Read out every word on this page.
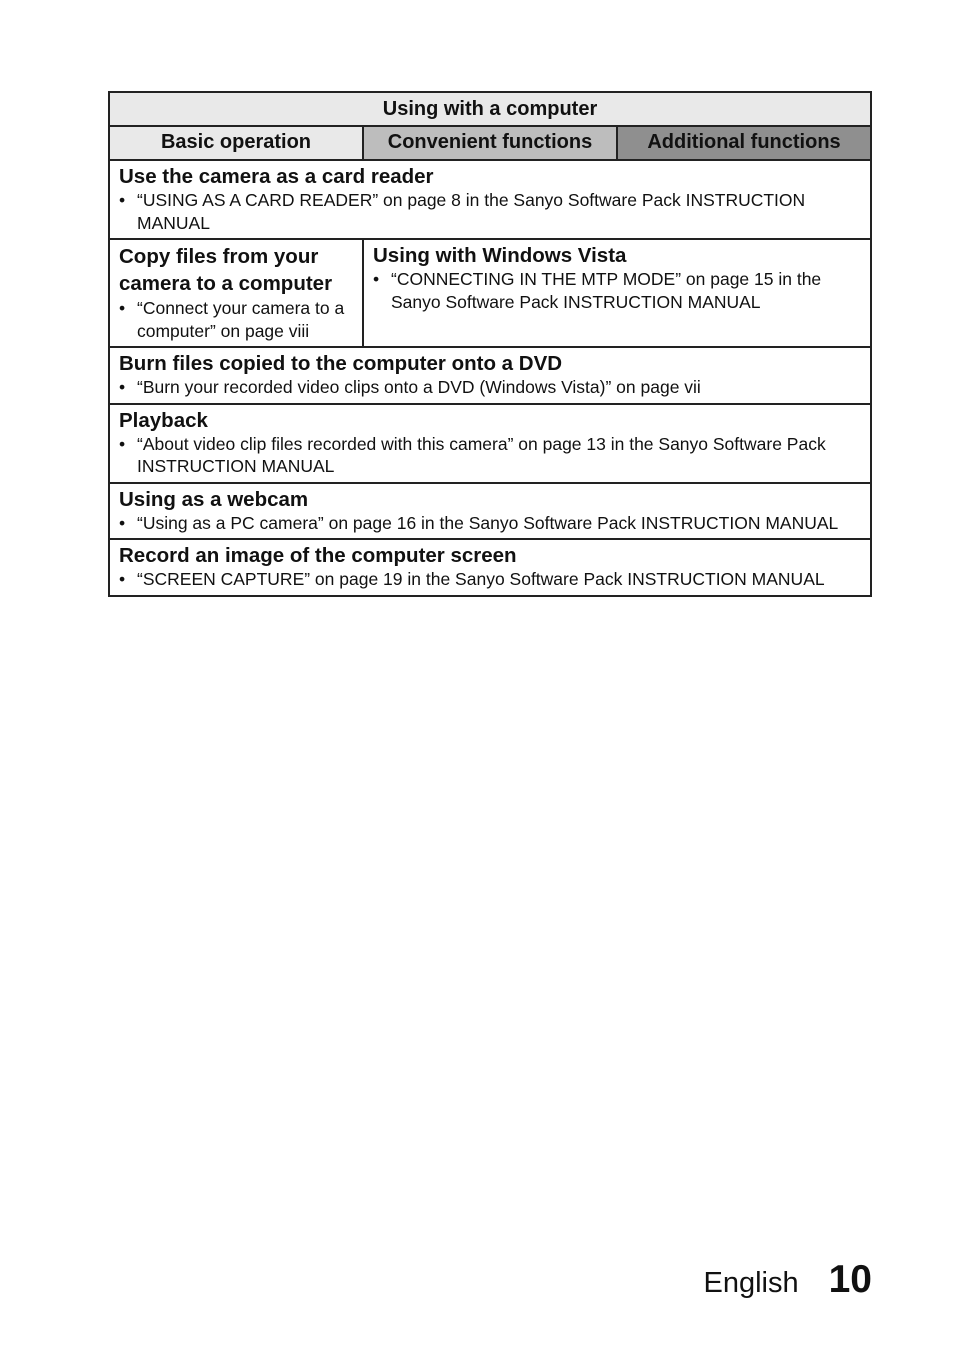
Using with a computer
Basic operation	Convenient functions	Additional functions
Use the camera as a card reader
• “USING AS A CARD READER” on page 8 in the Sanyo Software Pack INSTRUCTION MANUAL
Copy files from your camera to a computer
• “Connect your camera to a computer” on page viii
Using with Windows Vista
• “CONNECTING IN THE MTP MODE” on page 15 in the Sanyo Software Pack INSTRUCTION MANUAL
Burn files copied to the computer onto a DVD
• “Burn your recorded video clips onto a DVD (Windows Vista)” on page vii
Playback
• “About video clip files recorded with this camera” on page 13 in the Sanyo Software Pack INSTRUCTION MANUAL
Using as a webcam
• “Using as a PC camera” on page 16 in the Sanyo Software Pack INSTRUCTION MANUAL
Record an image of the computer screen
• “SCREEN CAPTURE” on page 19 in the Sanyo Software Pack INSTRUCTION MANUAL
English 10
